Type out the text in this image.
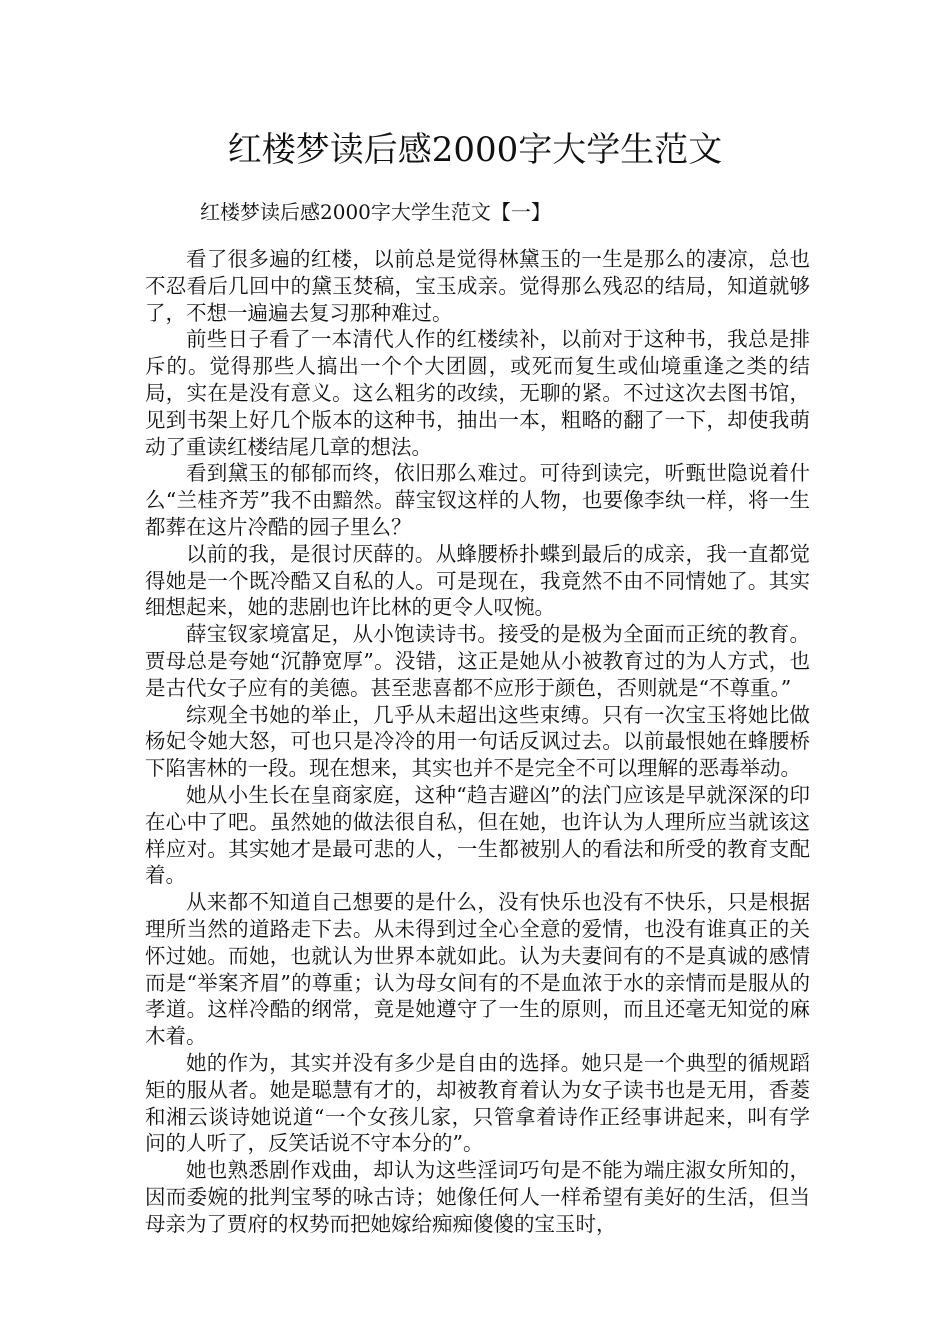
红楼梦读后感2000字大学生范文
红楼梦读后感2000字大学生范文【一】

看了很多遍的红楼，以前总是觉得林黛玉的一生是那么的凄凉，总也不忍看后几回中的黛玉焚稿，宝玉成亲。觉得那么残忍的结局，知道就够了，不想一遍遍去复习那种难过。

前些日子看了一本清代人作的红楼续补，以前对于这种书，我总是排斥的。觉得那些人搞出一个个大团圆，或死而复生或仙境重逢之类的结局，实在是没有意义。这么粗劣的改续，无聊的紧。不过这次去图书馆，见到书架上好几个版本的这种书，抽出一本，粗略的翻了一下，却使我萌动了重读红楼结尾几章的想法。

看到黛玉的郁郁而终，依旧那么难过。可待到读完，听甄世隐说着什么“兰桂齐芳”我不由黯然。薛宝钗这样的人物，也要像李纨一样，将一生都葬在这片冷酷的园子里么？

以前的我，是很讨厌薛的。从蜂腰桥扑蝶到最后的成亲，我一直都觉得她是一个既冷酷又自私的人。可是现在，我竟然不由不同情她了。其实细想起来，她的悲剧也许比林的更令人叹惋。

薛宝钗家境富足，从小饱读诗书。接受的是极为全面而正统的教育。贾母总是夸她“沉静宽厚”。没错，这正是她从小被教育过的为人方式，也是古代女子应有的美德。甚至悲喜都不应形于颜色，否则就是“不尊重。”

综观全书她的举止，几乎从未超出这些束缚。只有一次宝玉将她比做杨妃令她大怒，可也只是冷冷的用一句话反讽过去。以前最恨她在蜂腰桥下陷害林的一段。现在想来，其实也并不是完全不可以理解的恶毒举动。

她从小生长在皇商家庭，这种“趋吉避凶”的法门应该是早就深深的印在心中了吧。虽然她的做法很自私，但在她，也许认为人理所应当就该这样应对。其实她才是最可悲的人，一生都被别人的看法和所受的教育支配着。

从来都不知道自己想要的是什么，没有快乐也没有不快乐，只是根据理所当然的道路走下去。从未得到过全心全意的爱情，也没有谁真正的关怀过她。而她，也就认为世界本就如此。认为夫妻间有的不是真诚的感情而是“举案齐眉”的尊重；认为母女间有的不是血浓于水的亲情而是服从的孝道。这样冷酷的纲常，竟是她遵守了一生的原则，而且还毫无知觉的麻木着。

她的作为，其实并没有多少是自由的选择。她只是一个典型的循规蹈矩的服从者。她是聪慧有才的，却被教育着认为女子读书也是无用，香菱和湘云谈诗她说道“一个女孩儿家，只管拿着诗作正经事讲起来，叫有学问的人听了，反笑话说不守本分的”。

她也熟悉剧作戏曲，却认为这些淫词巧句是不能为端庄淑女所知的，因而委婉的批判宝琴的咏古诗；她像任何人一样希望有美好的生活，但当母亲为了贾府的权势而把她嫁给痴痴傻傻的宝玉时，
